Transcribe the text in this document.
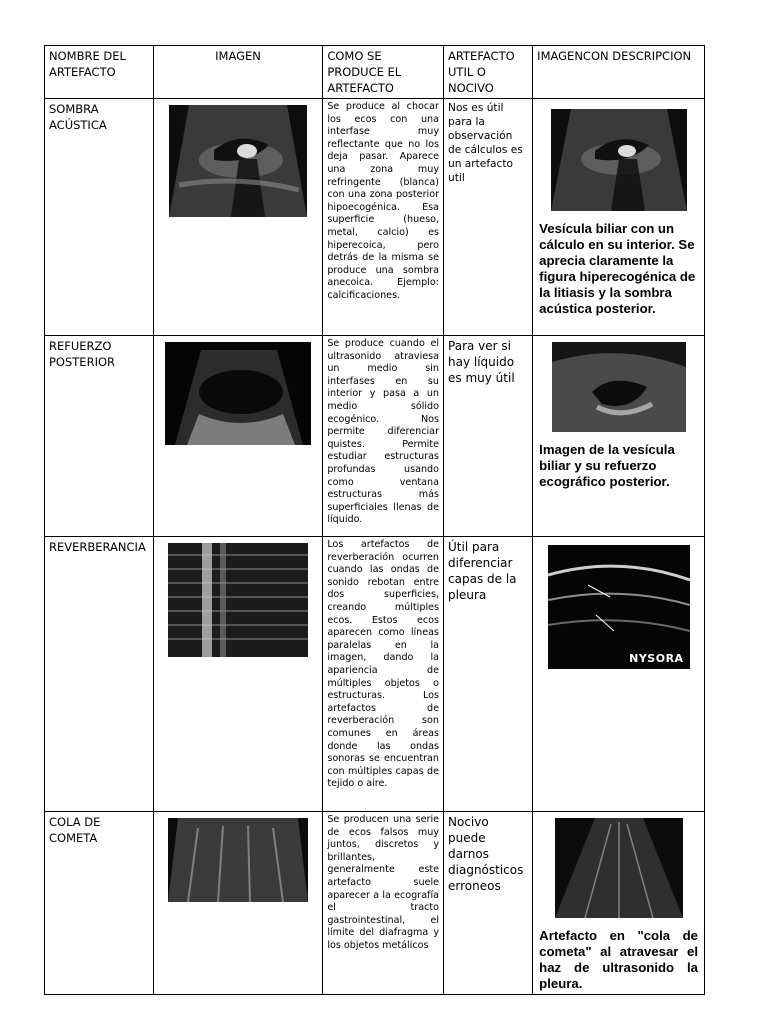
NOMBRE DEL ARTEFACTO	IMAGEN	COMO SE PRODUCE EL ARTEFACTO	ARTEFACTO UTIL O NOCIVO	IMAGENCON DESCRIPCION
SOMBRA ACÚSTICA		Se produce al chocar los ecos con una interfase muy reflectante que no los deja pasar. Aparece una zona muy refringente (blanca) con una zona posterior hipoecogénica. Esa superficie (hueso, metal, calcio) es hiperecoica, pero detrás de la misma se produce una sombra anecoica. Ejemplo: calcificaciones.	Nos es útil para la observación de cálculos es un artefacto util	Vesícula biliar con un cálculo en su interior. Se aprecia claramente la figura hiperecogénica de la litiasis y la sombra acústica posterior.

REFUERZO POSTERIOR		Se produce cuando el ultrasonido atraviesa un medio sin interfases en su interior y pasa a un medio sólido ecogénico. Nos permite diferenciar quistes. Permite estudiar estructuras profundas usando como ventana estructuras más superficiales llenas de líquido.	Para ver si hay líquido es muy útil	Imagen de la vesícula biliar y su refuerzo ecográfico posterior.

REVERBERANCIA		Los artefactos de reverberación ocurren cuando las ondas de sonido rebotan entre dos superficies, creando múltiples ecos. Estos ecos aparecen como líneas paralelas en la imagen, dando la apariencia de múltiples objetos o estructuras. Los artefactos de reverberación son comunes en áreas donde las ondas sonoras se encuentran con múltiples capas de tejido o aire.	Útil para diferenciar capas de la pleura	NYSORA

COLA DE COMETA		Se producen una serie de ecos falsos muy juntos, discretos y brillantes, generalmente este artefacto suele aparecer a la ecografía el tracto gastrointestinal, el límite del diafragma y los objetos metálicos	Nocivo puede darnos diagnósticos erroneos	Artefacto en "cola de cometa" al atravesar el haz de ultrasonido la pleura.
